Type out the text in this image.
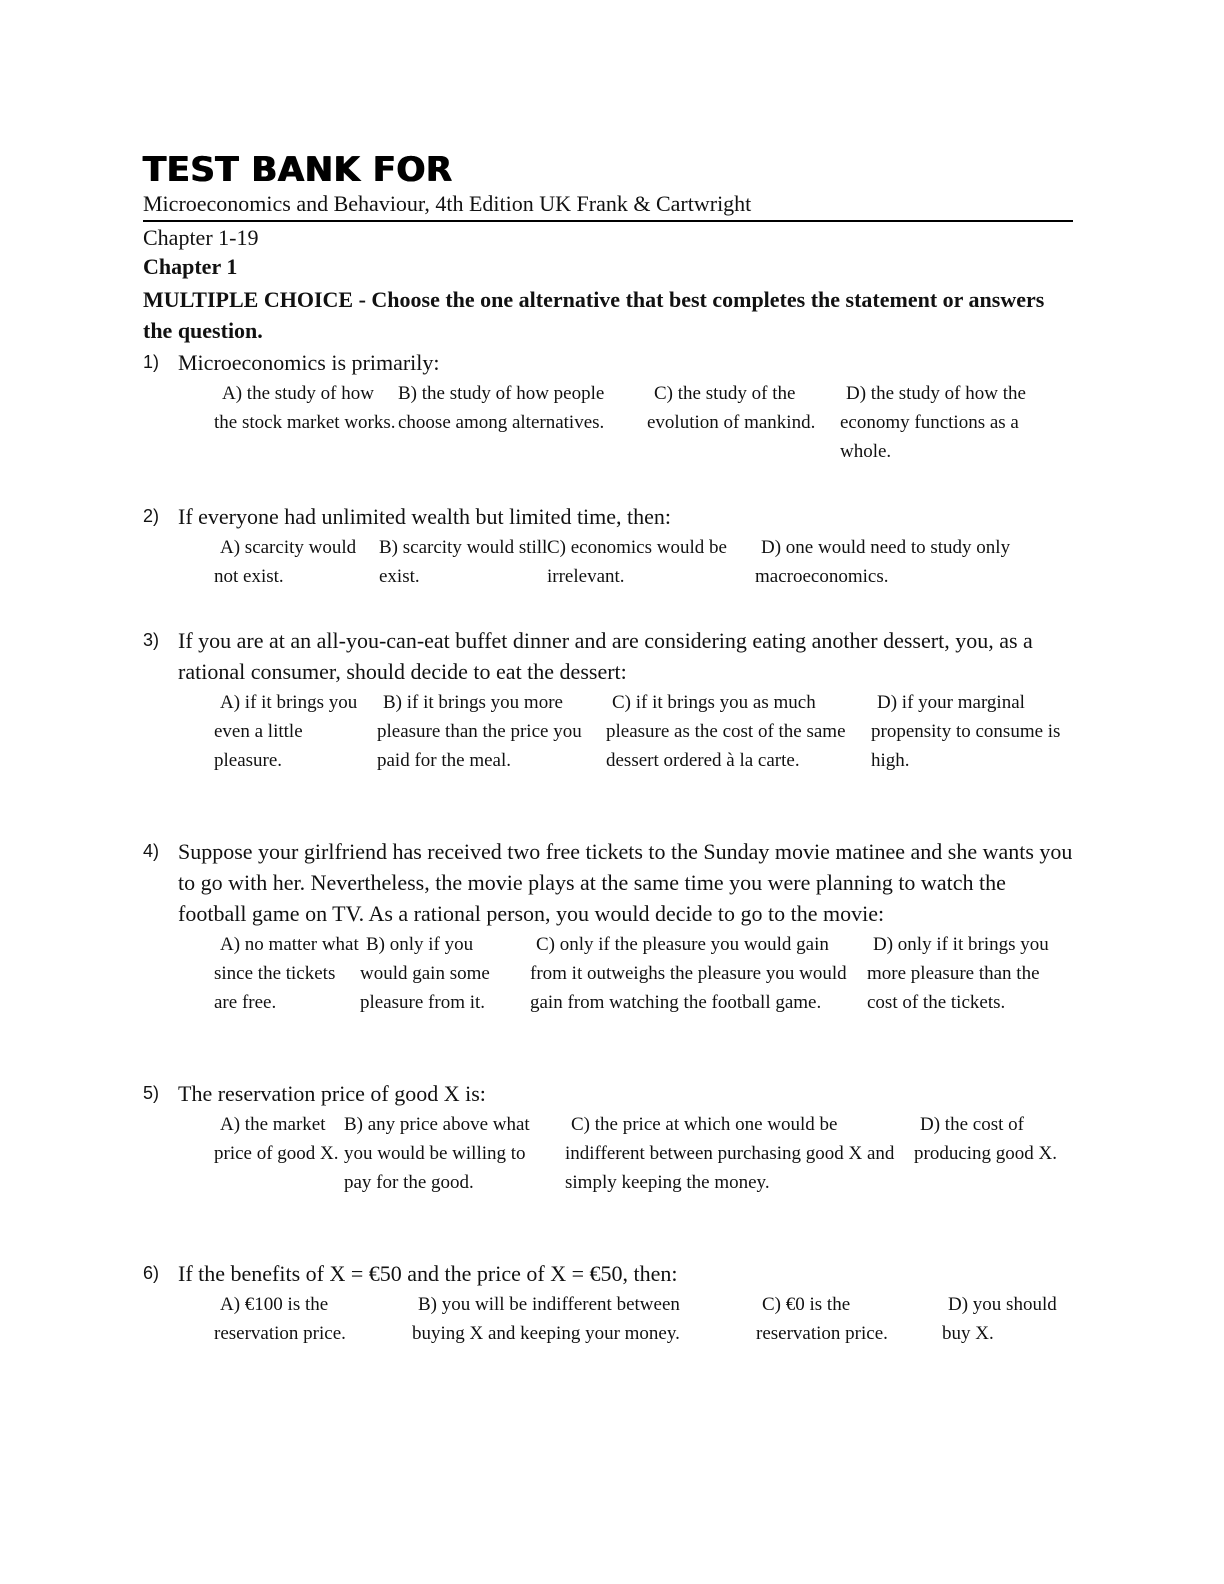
TEST BANK FOR
Microeconomics and Behaviour, 4th Edition UK Frank & Cartwright
Chapter 1-19
Chapter 1
MULTIPLE CHOICE - Choose the one alternative that best completes the statement or answers the question.
1) Microeconomics is primarily:
A) the study of how the stock market works.
B) the study of how people choose among alternatives.
C) the study of the evolution of mankind.
D) the study of how the economy functions as a whole.
2) If everyone had unlimited wealth but limited time, then:
A) scarcity would not exist.
B) scarcity would still exist.
C) economics would be irrelevant.
D) one would need to study only macroeconomics.
3) If you are at an all-you-can-eat buffet dinner and are considering eating another dessert, you, as a rational consumer, should decide to eat the dessert:
A) if it brings you even a little pleasure.
B) if it brings you more pleasure than the price you paid for the meal.
C) if it brings you as much pleasure as the cost of the same dessert ordered à la carte.
D) if your marginal propensity to consume is high.
4) Suppose your girlfriend has received two free tickets to the Sunday movie matinee and she wants you to go with her. Nevertheless, the movie plays at the same time you were planning to watch the football game on TV. As a rational person, you would decide to go to the movie:
A) no matter what since the tickets are free.
B) only if you would gain some pleasure from it.
C) only if the pleasure you would gain from it outweighs the pleasure you would gain from watching the football game.
D) only if it brings you more pleasure than the cost of the tickets.
5) The reservation price of good X is:
A) the market price of good X.
B) any price above what you would be willing to pay for the good.
C) the price at which one would be indifferent between purchasing good X and simply keeping the money.
D) the cost of producing good X.
6) If the benefits of X = €50 and the price of X = €50, then:
A) €100 is the reservation price.
B) you will be indifferent between buying X and keeping your money.
C) €0 is the reservation price.
D) you should buy X.
